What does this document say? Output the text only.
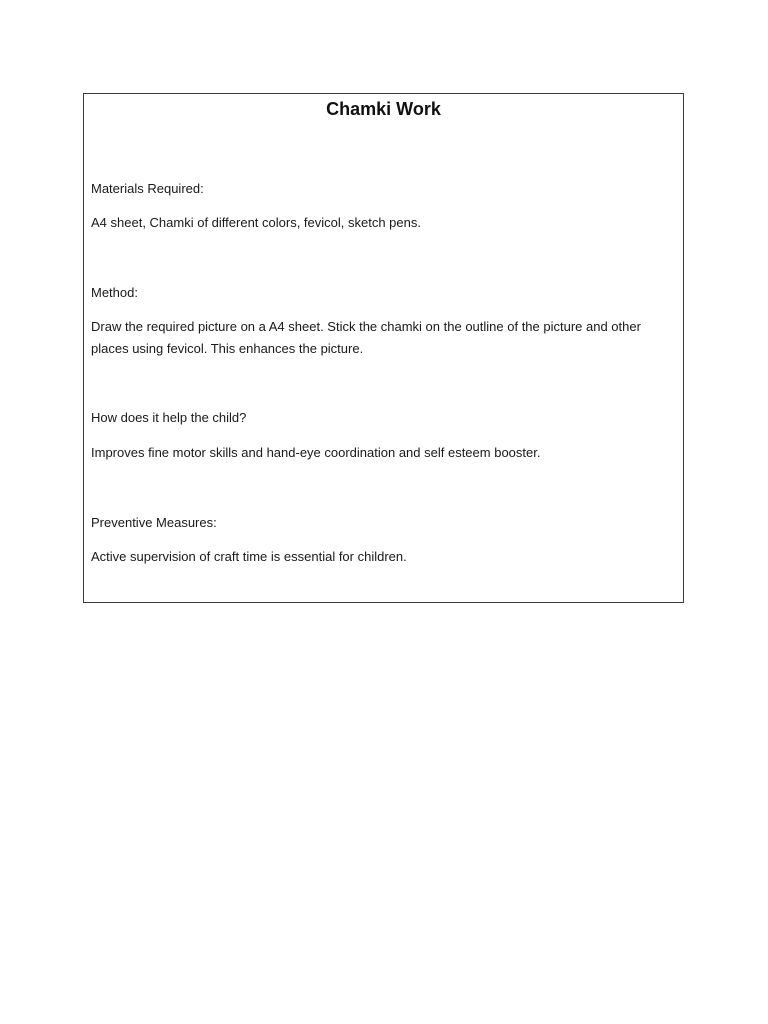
Chamki Work
Materials Required:
A4 sheet, Chamki of different colors, fevicol, sketch pens.
Method:
Draw the required picture on a A4 sheet. Stick the chamki on the outline of the picture and other places using fevicol. This enhances the picture.
How does it help the child?
Improves fine motor skills and hand-eye coordination and self esteem booster.
Preventive Measures:
Active supervision of craft time is essential for children.
